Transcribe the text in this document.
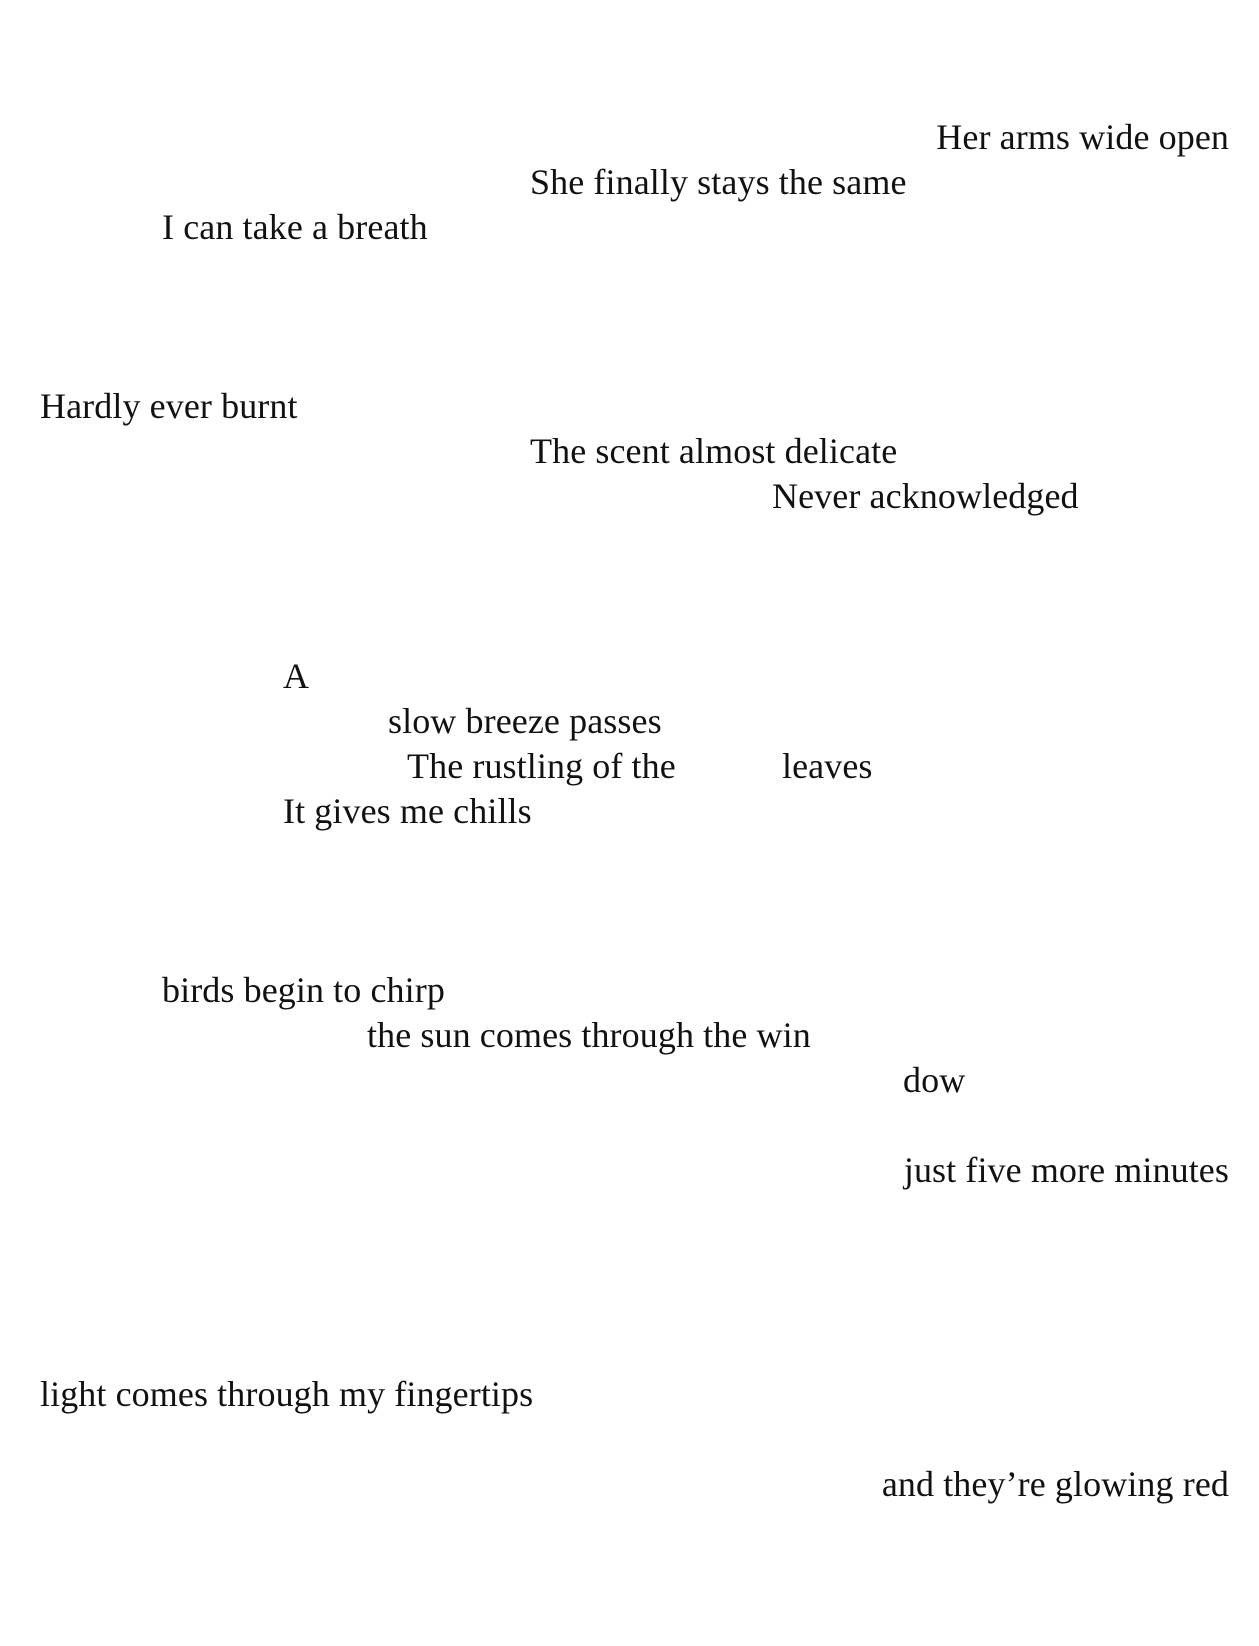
Her arms wide open
She finally stays the same
I can take a breath
Hardly ever burnt
The scent almost delicate
Never acknowledged
A
slow breeze passes
The rustling of the	leaves
It gives me chills
birds begin to chirp
the sun comes through the win
dow
just five more minutes
light comes through my fingertips
and they’re glowing red
